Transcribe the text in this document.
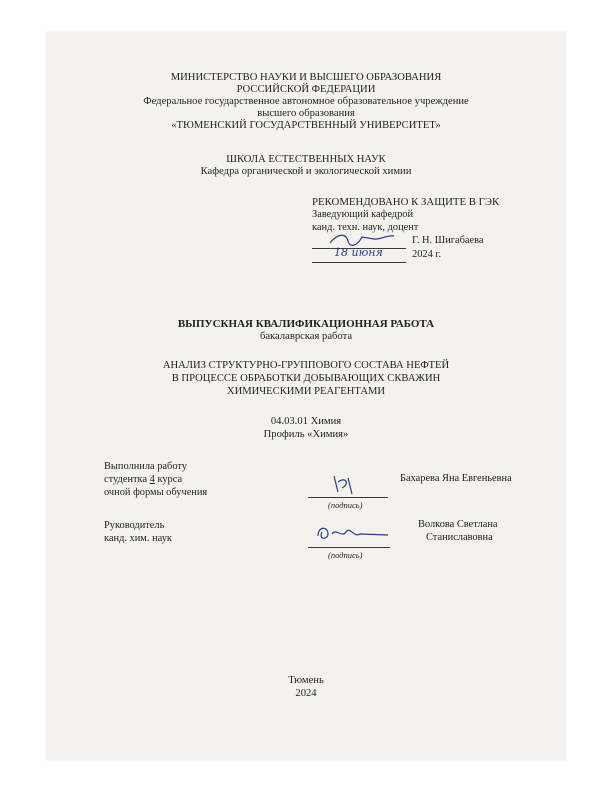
МИНИСТЕРСТВО НАУКИ И ВЫСШЕГО ОБРАЗОВАНИЯ
РОССИЙСКОЙ ФЕДЕРАЦИИ
Федеральное государственное автономное образовательное учреждение
высшего образования
«ТЮМЕНСКИЙ ГОСУДАРСТВЕННЫЙ УНИВЕРСИТЕТ»
ШКОЛА ЕСТЕСТВЕННЫХ НАУК
Кафедра органической и экологической химии
РЕКОМЕНДОВАНО К ЗАЩИТЕ В ГЭК
Заведующий кафедрой
канд. техн. наук, доцент
Г. Н. Шигабаева
18 июня	2024 г.
ВЫПУСКНАЯ КВАЛИФИКАЦИОННАЯ РАБОТА
бакалаврская работа
АНАЛИЗ СТРУКТУРНО-ГРУППОВОГО СОСТАВА НЕФТЕЙ
В ПРОЦЕССЕ ОБРАБОТКИ ДОБЫВАЮЩИХ СКВАЖИН
ХИМИЧЕСКИМИ РЕАГЕНТАМИ
04.03.01 Химия
Профиль «Химия»
Выполнила работу
студентка 4 курса
очной формы обучения
(подпись)
Бахарева Яна Евгеньевна
Руководитель
канд. хим. наук
(подпись)
Волкова Светлана
Станиславовна
Тюмень
2024
